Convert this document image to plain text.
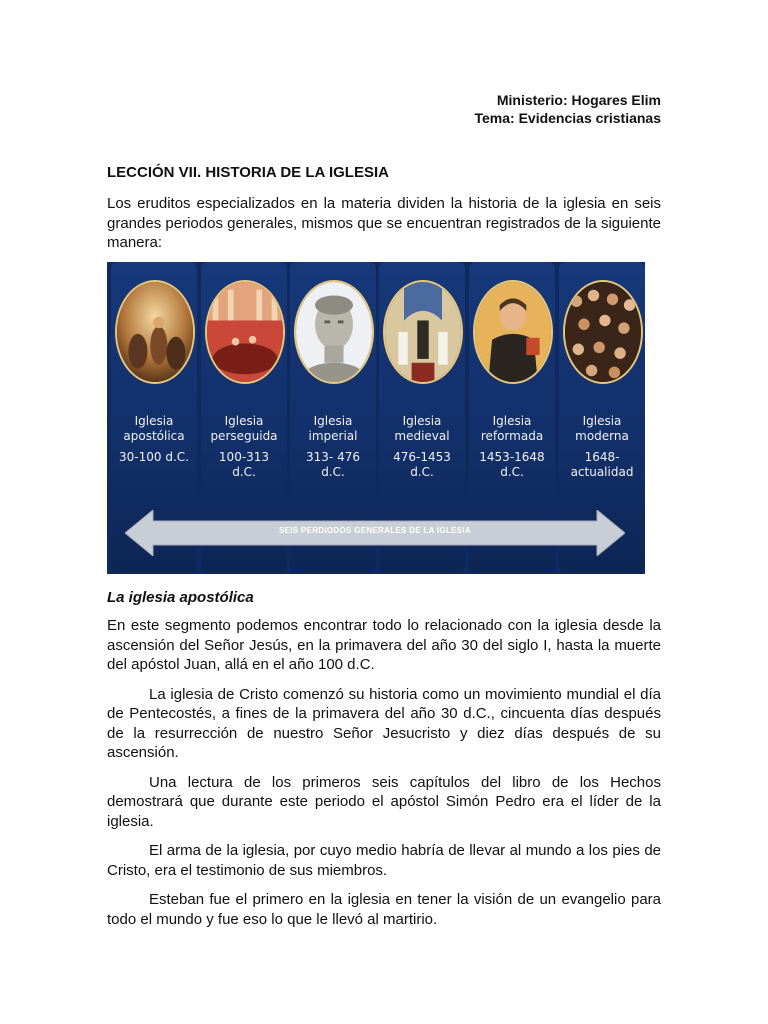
Ministerio: Hogares Elim
Tema: Evidencias cristianas
LECCIÓN VII. HISTORIA DE LA IGLESIA

Los eruditos especializados en la materia dividen la historia de la iglesia en seis grandes periodos generales, mismos que se encuentran registrados de la siguiente manera:

Iglesia
apostólica
30-100 d.C.
Iglesia
perseguida
100-313
d.C.
Iglesia
imperial
313- 476
d.C.
Iglesia
medieval
476-1453
d.C.
Iglesia
reformada
1453-1648
d.C.
Iglesia
moderna
1648-
actualidad
SEIS PERDIODOS GENERALES DE LA IGLESIA
La iglesia apostólica

En este segmento podemos encontrar todo lo relacionado con la iglesia desde la ascensión del Señor Jesús, en la primavera del año 30 del siglo I, hasta la muerte del apóstol Juan, allá en el año 100 d.C.

La iglesia de Cristo comenzó su historia como un movimiento mundial el día de Pentecostés, a fines de la primavera del año 30 d.C., cincuenta días después de la resurrección de nuestro Señor Jesucristo y diez días después de su ascensión.

Una lectura de los primeros seis capítulos del libro de los Hechos demostrará que durante este periodo el apóstol Simón Pedro era el líder de la iglesia.

El arma de la iglesia, por cuyo medio habría de llevar al mundo a los pies de Cristo, era el testimonio de sus miembros.

Esteban fue el primero en la iglesia en tener la visión de un evangelio para todo el mundo y fue eso lo que le llevó al martirio.
